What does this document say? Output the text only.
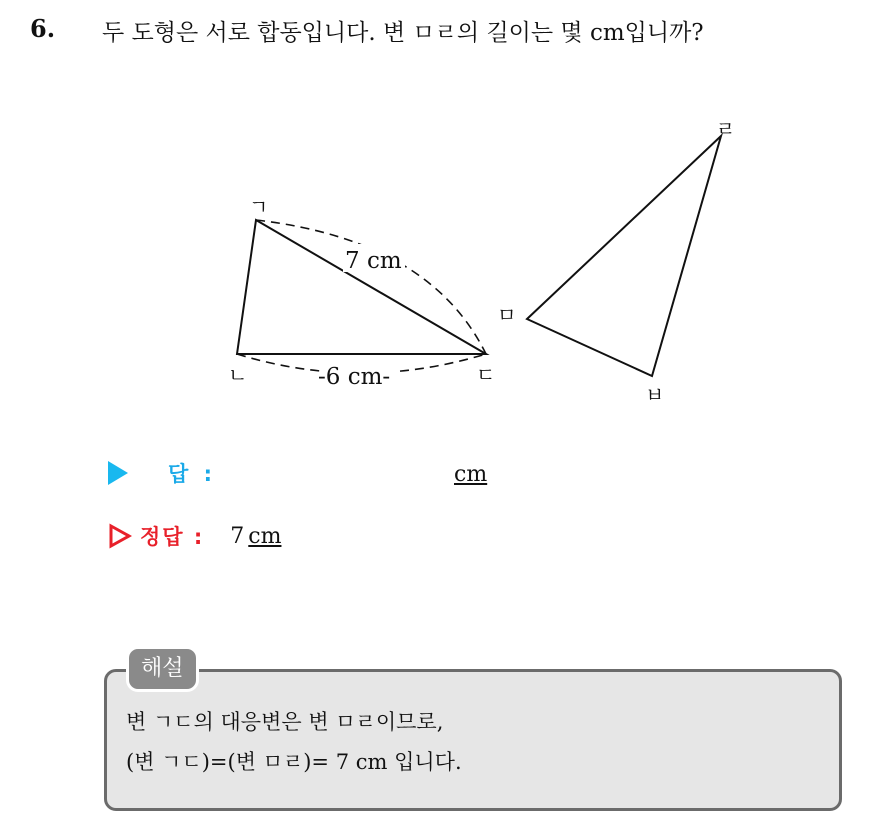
6. 두 도형은 서로 합동입니다. 변 ㅁㄹ의 길이는 몇 cm입니까?
7 cm
-6 cm-
ㄱ
ㄴ	ㄷ
ㄹ
ㅁ
ㅂ
답 :	cm
정답 : 7 cm
해설
변 ㄱㄷ의 대응변은 변 ㅁㄹ이므로,
(변 ㄱㄷ)=(변 ㅁㄹ)= 7 cm 입니다.
